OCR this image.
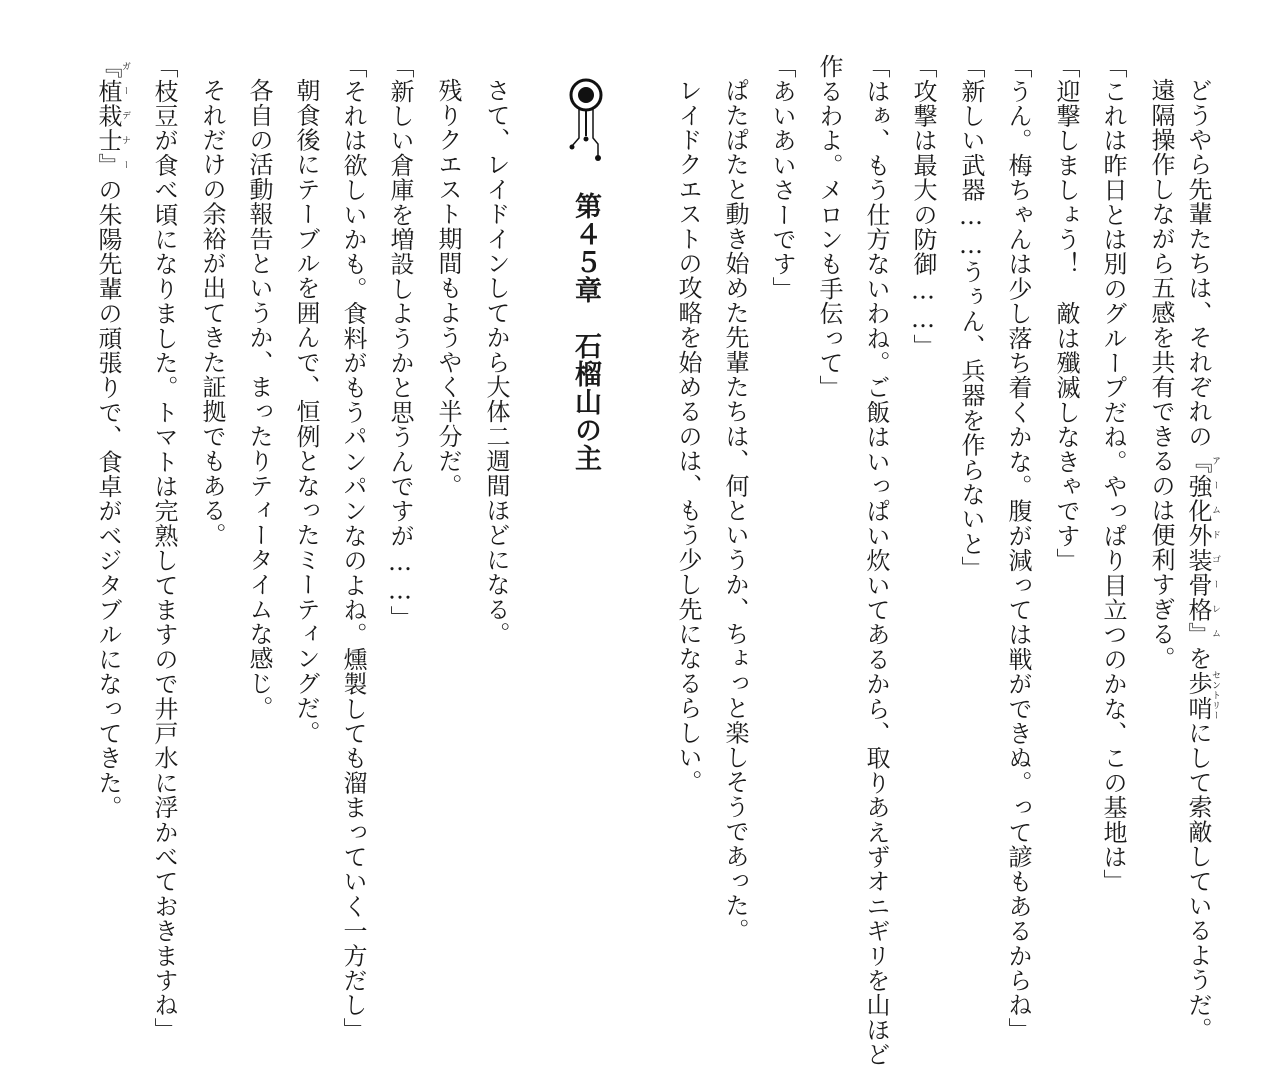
どうやら先輩たちは、それぞれの『強化外装骨格』アームドゴーレムを歩哨セントリーにして索敵しているようだ。
遠隔操作しながら五感を共有できるのは便利すぎる。
「これは昨日とは別のグループだね。やっぱり目立つのかな、この基地は」
「迎撃しましょう！　敵は殲滅しなきゃです」
「うん。梅ちゃんは少し落ち着くかな。腹が減っては戦ができぬ。って諺もあるからね」
「新しい武器……うぅん、兵器を作らないと」
「攻撃は最大の防御……」
「はぁ、もう仕方ないわね。ご飯はいっぱい炊いてあるから、取りあえずオニギリを山ほど
作るわよ。メロンも手伝って」
「あいあいさーです」
ぱたぱたと動き始めた先輩たちは、何というか、ちょっと楽しそうであった。
レイドクエストの攻略を始めるのは、もう少し先になるらしい。
第４５章　石榴山の主
さて、レイドインしてから大体二週間ほどになる。
残りクエスト期間もようやく半分だ。
「新しい倉庫を増設しようかと思うんですが……」
「それは欲しいかも。食料がもうパンパンなのよね。燻製しても溜まっていく一方だし」
朝食後にテーブルを囲んで、恒例となったミーティングだ。
各自の活動報告というか、まったりティータイムな感じ。
それだけの余裕が出てきた証拠でもある。
「枝豆が食べ頃になりました。トマトは完熟してますので井戸水に浮かべておきますね」
『植栽士』ガーデナーの朱陽先輩の頑張りで、食卓がベジタブルになってきた。
